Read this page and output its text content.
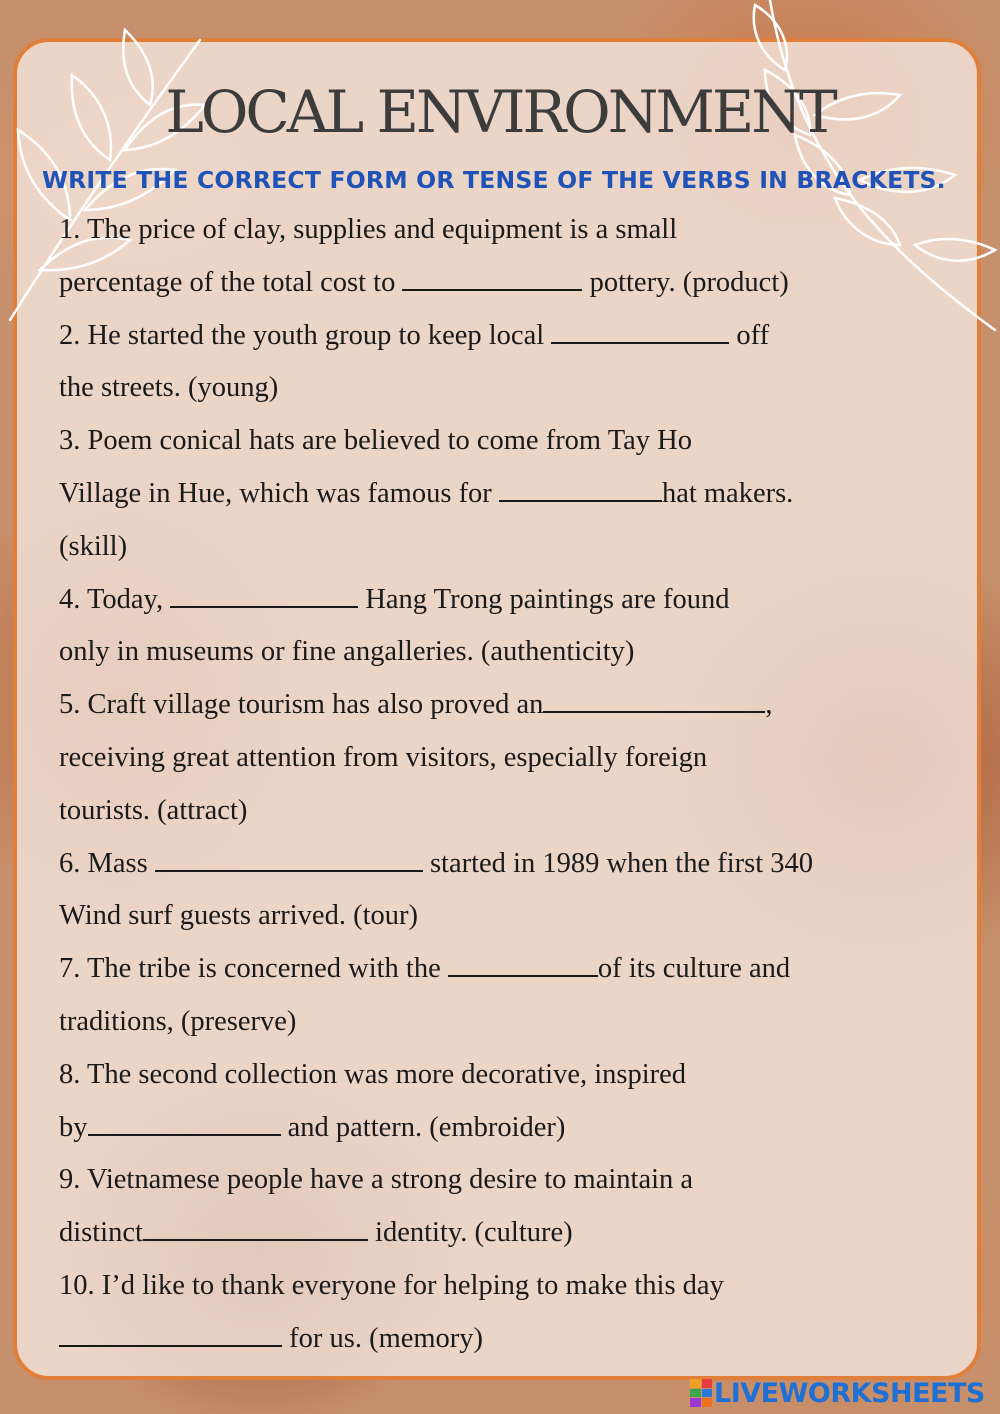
LOCAL ENVIRONMENT

WRITE THE CORRECT FORM OR TENSE OF THE VERBS IN BRACKETS.

1. The price of clay, supplies and equipment is a small
percentage of the total cost to	pottery. (product)
2. He started the youth group to keep local	off
the streets. (young)
3. Poem conical hats are believed to come from Tay Ho
Village in Hue, which was famous for	hat makers.
(skill)
4. Today,	Hang Trong paintings are found
only in museums or fine angalleries. (authenticity)
5. Craft village tourism has also proved an	,
receiving great attention from visitors, especially foreign
tourists. (attract)
6. Mass	started in 1989 when the first 340
Wind surf guests arrived. (tour)
7. The tribe is concerned with the	of its culture and
traditions, (preserve)
8. The second collection was more decorative, inspired
by	and pattern. (embroider)
9. Vietnamese people have a strong desire to maintain a
distinct	identity. (culture)
10. I’d like to thank everyone for helping to make this day
for us. (memory)
LIVEWORKSHEETS
